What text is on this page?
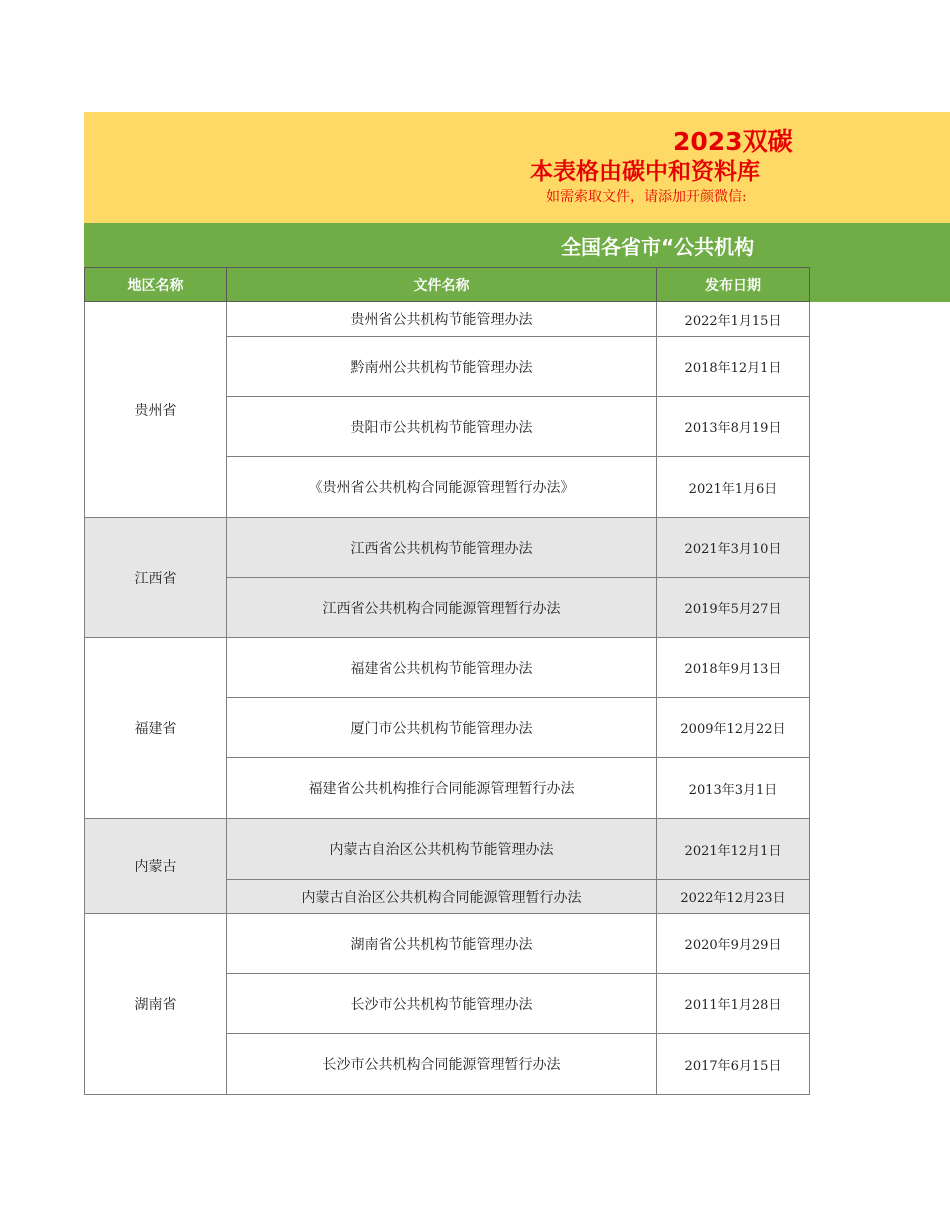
2023双碳
本表格由碳中和资料库
如需索取文件，请添加开颜微信:
全国各省市“公共机构
地区名称	文件名称	发布日期
贵州省	贵州省公共机构节能管理办法	2022年1月15日
	黔南州公共机构节能管理办法	2018年12月1日
	贵阳市公共机构节能管理办法	2013年8月19日
	《贵州省公共机构合同能源管理暂行办法》	2021年1月6日
江西省	江西省公共机构节能管理办法	2021年3月10日
	江西省公共机构合同能源管理暂行办法	2019年5月27日
福建省	福建省公共机构节能管理办法	2018年9月13日
	厦门市公共机构节能管理办法	2009年12月22日
	福建省公共机构推行合同能源管理暂行办法	2013年3月1日
内蒙古	内蒙古自治区公共机构节能管理办法	2021年12月1日
	内蒙古自治区公共机构合同能源管理暂行办法	2022年12月23日
湖南省	湖南省公共机构节能管理办法	2020年9月29日
	长沙市公共机构节能管理办法	2011年1月28日
	长沙市公共机构合同能源管理暂行办法	2017年6月15日
